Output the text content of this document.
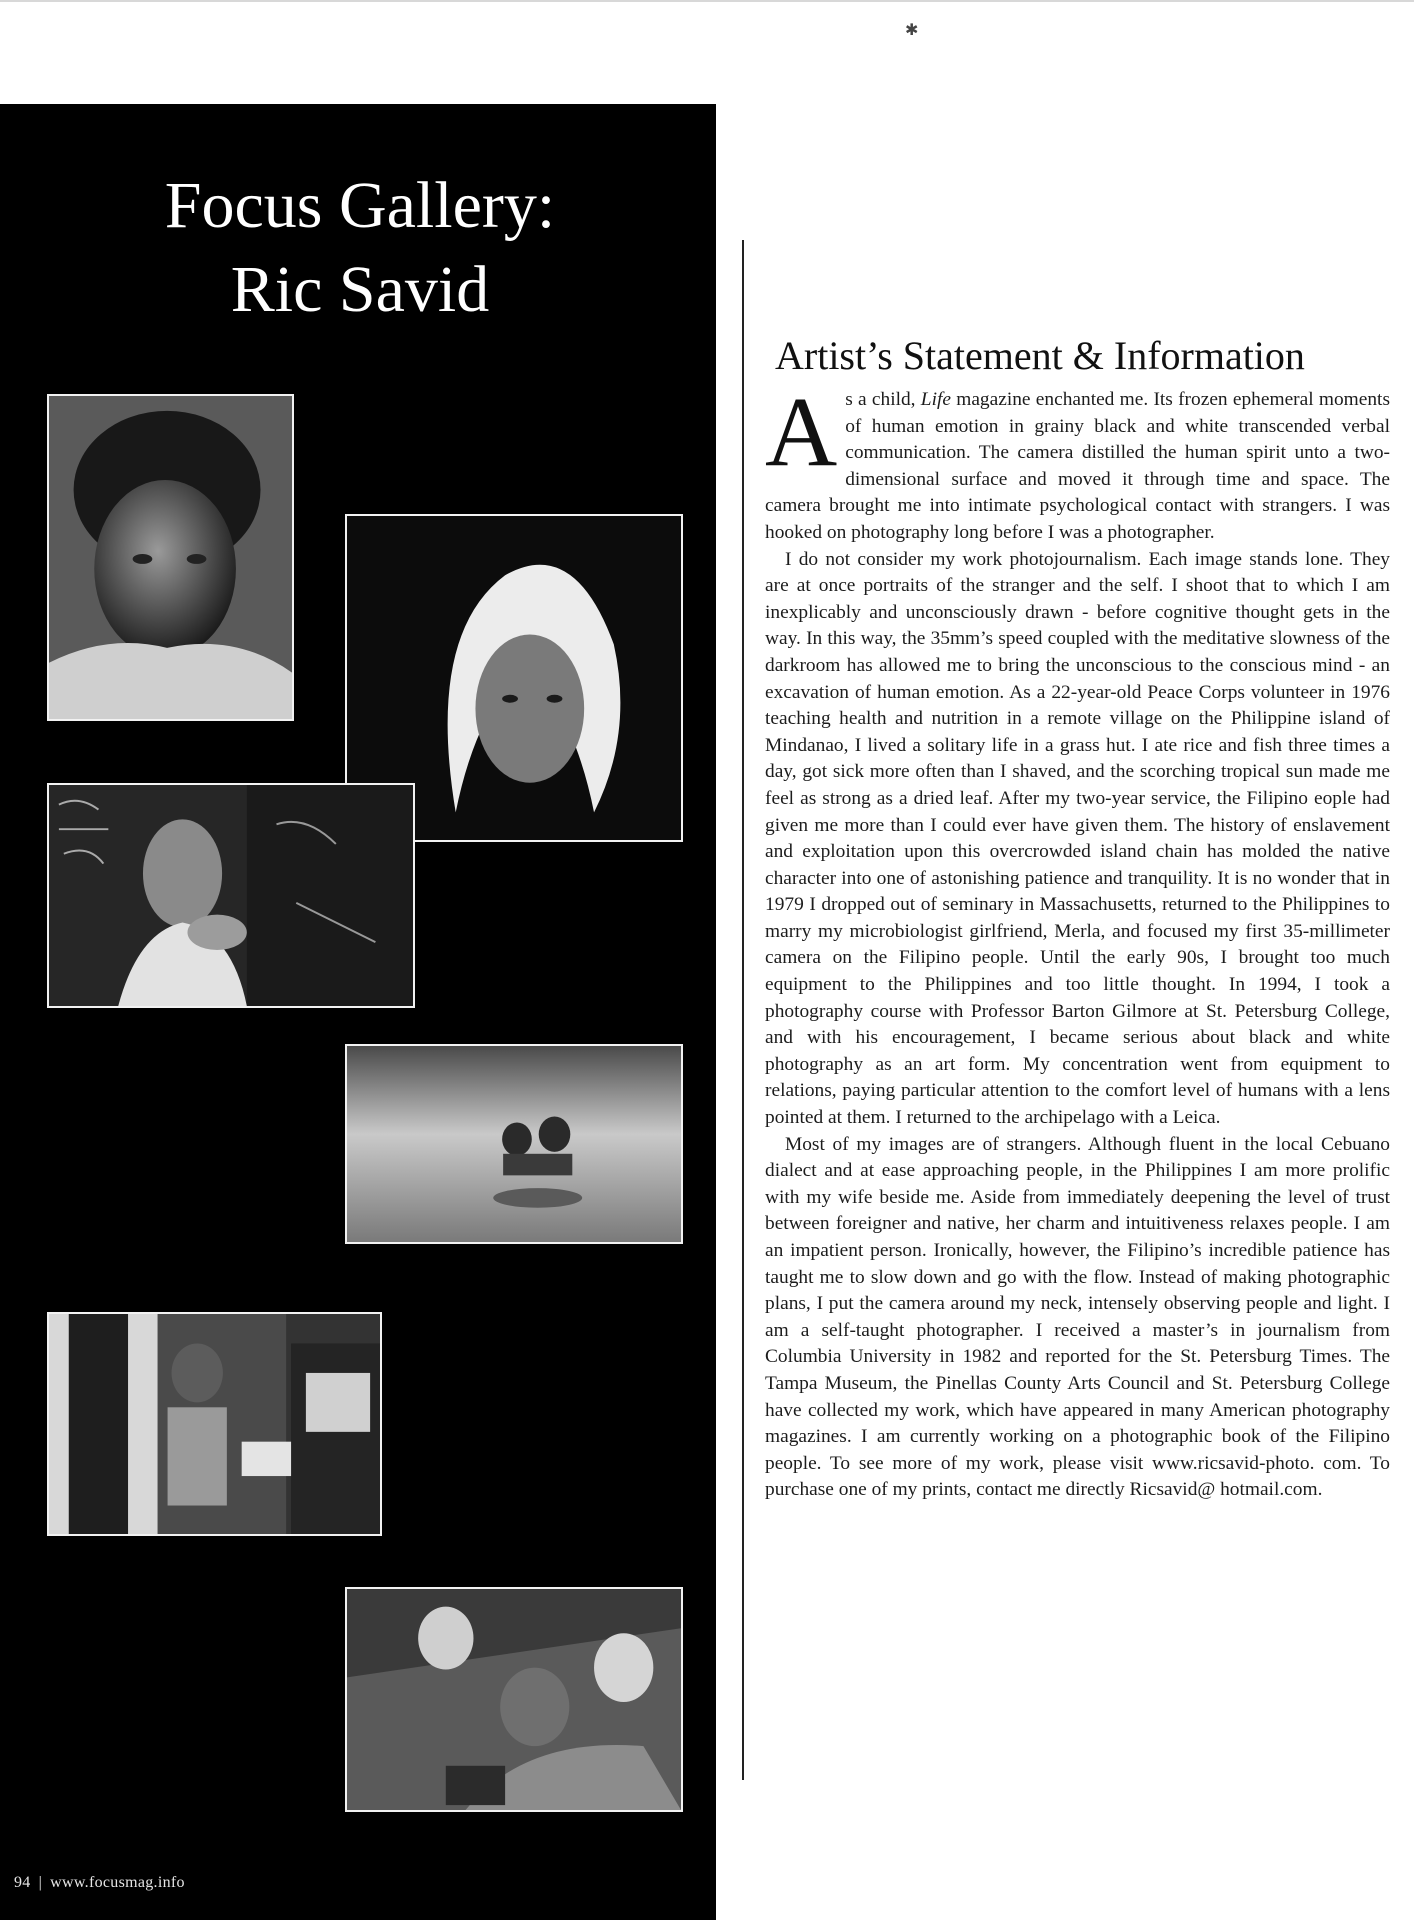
✱
Focus Gallery:
Ric Savid
94 | www.focusmag.info
Artist’s Statement & Information

As a child, Life magazine enchanted me. Its frozen ephemeral moments of human emotion in grainy black and white transcended verbal communication. The camera distilled the human spirit unto a two-dimensional surface and moved it through time and space. The camera brought me into intimate psychological contact with strangers. I was hooked on photography long before I was a photographer.

I do not consider my work photojournalism. Each image stands lone. They are at once portraits of the stranger and the self. I shoot that to which I am inexplicably and unconsciously drawn - before cognitive thought gets in the way. In this way, the 35mm’s speed coupled with the meditative slowness of the darkroom has allowed me to bring the unconscious to the conscious mind - an excavation of human emotion. As a 22-year-old Peace Corps volunteer in 1976 teaching health and nutrition in a remote village on the Philippine island of Mindanao, I lived a solitary life in a grass hut. I ate rice and fish three times a day, got sick more often than I shaved, and the scorching tropical sun made me feel as strong as a dried leaf. After my two-year service, the Filipino eople had given me more than I could ever have given them. The history of enslavement and exploitation upon this overcrowded island chain has molded the native character into one of astonishing patience and tranquility. It is no wonder that in 1979 I dropped out of seminary in Massachusetts, returned to the Philippines to marry my microbiologist girlfriend, Merla, and focused my first 35-millimeter camera on the Filipino people. Until the early 90s, I brought too much equipment to the Philippines and too little thought. In 1994, I took a photography course with Professor Barton Gilmore at St. Petersburg College, and with his encouragement, I became serious about black and white photography as an art form. My concentration went from equipment to relations, paying particular attention to the comfort level of humans with a lens pointed at them. I returned to the archipelago with a Leica.

Most of my images are of strangers. Although fluent in the local Cebuano dialect and at ease approaching people, in the Philippines I am more prolific with my wife beside me. Aside from immediately deepening the level of trust between foreigner and native, her charm and intuitiveness relaxes people. I am an impatient person. Ironically, however, the Filipino’s incredible patience has taught me to slow down and go with the flow. Instead of making photographic plans, I put the camera around my neck, intensely observing people and light. I am a self-taught photographer. I received a master’s in journalism from Columbia University in 1982 and reported for the St. Petersburg Times. The Tampa Museum, the Pinellas County Arts Council and St. Petersburg College have collected my work, which have appeared in many American photography magazines. I am currently working on a photographic book of the Filipino people. To see more of my work, please visit www.ricsavid-photo. com. To purchase one of my prints, contact me directly Ricsavid@ hotmail.com.
